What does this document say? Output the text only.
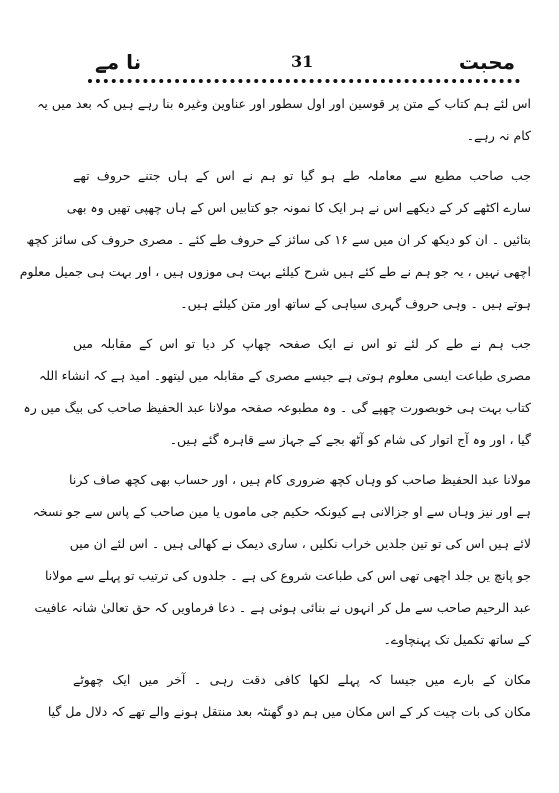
محبت
31
نا مے
اس لئے ہم کتاب کے متن پر قوسین اور اول سطور اور عناوین وغیرہ بنا رہے ہیں کہ بعد میں یہ
کام نہ رہے۔
جب صاحب مطبع سے معاملہ طے ہو گیا تو ہم نے اس کے ہاں جتنے حروف تھے
سارے اکٹھے کر کے دیکھے اس نے ہر ایک کا نمونہ جو کتابیں اس کے ہاں چھپی تھیں وہ بھی
بتائیں ۔ ان کو دیکھ کر ان میں سے ۱۶ کی سائز کے حروف طے کئے ۔ مصری حروف کی سائز کچھ
اچھی نہیں ، یہ جو ہم نے طے کئے ہیں شرح کیلئے بہت ہی موزوں ہیں ، اور بہت ہی جمیل معلوم
ہوتے ہیں ۔ وہی حروف گہری سیاہی کے ساتھ اور متن کیلئے ہیں۔
جب ہم نے طے کر لئے تو اس نے ایک صفحہ چھاپ کر دیا تو اس کے مقابلہ میں
مصری طباعت ایسی معلوم ہوتی ہے جیسے مصری کے مقابلہ میں لیتھو۔ امید ہے کہ انشاء اللہ
کتاب بہت ہی خوبصورت چھپے گی ۔ وہ مطبوعہ صفحہ مولانا عبد الحفیظ صاحب کی بیگ میں رہ
گیا ، اور وہ آج اتوار کی شام کو آٹھ بجے کے جہاز سے قاہرہ گئے ہیں۔
مولانا عبد الحفیظ صاحب کو وہاں کچھ ضروری کام ہیں ، اور حساب بھی کچھ صاف کرنا
ہے اور نیز وہاں سے او جزالانی ہے کیونکہ حکیم جی ماموں یا مین صاحب کے پاس سے جو نسخہ
لائے ہیں اس کی تو تین جلدیں خراب نکلیں ، ساری دیمک نے کھالی ہیں ۔ اس لئے ان میں
جو پانچ یں جلد اچھی تھی اس کی طباعت شروع کی ہے ۔ جلدوں کی ترتیب تو پہلے سے مولانا
عبد الرحیم صاحب سے مل کر انہوں نے بنائی ہوئی ہے ۔ دعا فرماویں کہ حق تعالیٰ شانہ عافیت
کے ساتھ تکمیل تک پہنچاوے۔
مکان کے بارے میں جیسا کہ پہلے لکھا کافی دقت رہی ۔ آخر میں ایک چھوٹے
مکان کی بات چیت کر کے اس مکان میں ہم دو گھنٹہ بعد منتقل ہونے والے تھے کہ دلال مل گیا
